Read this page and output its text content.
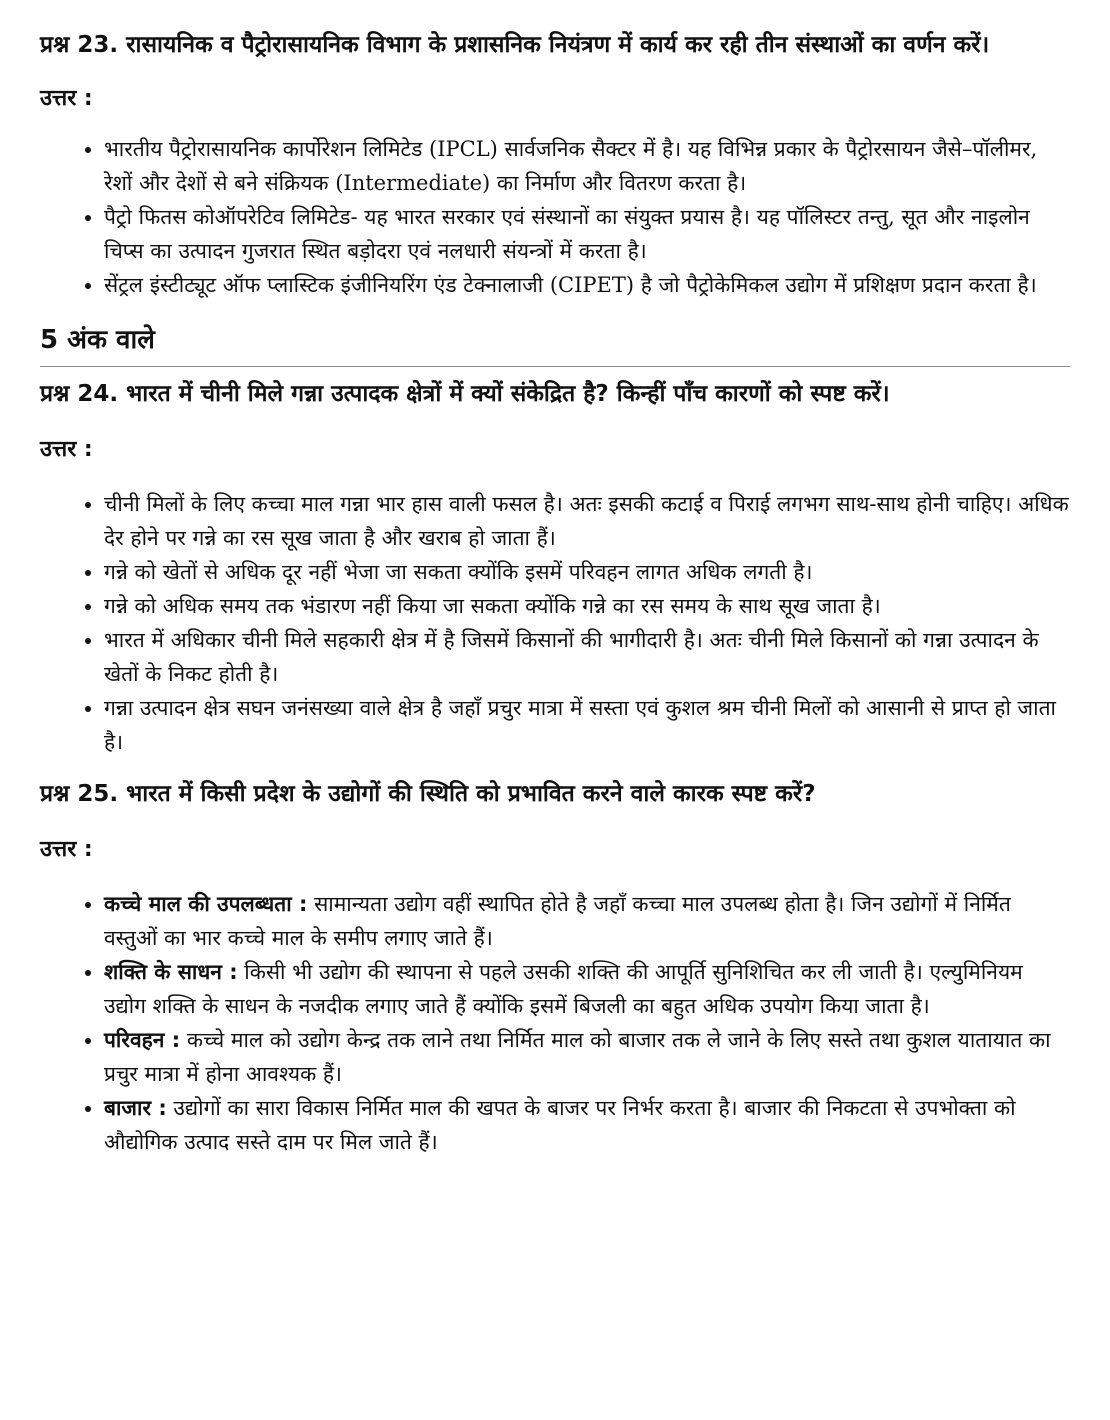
प्रश्न 23. रासायनिक व पैट्रोरासायनिक विभाग के प्रशासनिक नियंत्रण में कार्य कर रही तीन संस्थाओं का वर्णन करें।

उत्तर :

• भारतीय पैट्रोरासायनिक कार्पोरेशन लिमिटेड (IPCL) सार्वजनिक सैक्टर में है। यह विभिन्न प्रकार के पैट्रोरसायन जैसे–पॉलीमर, रेशों और देशों से बने संक्रियक (Intermediate) का निर्माण और वितरण करता है।
• पैट्रो फितस कोऑपरेटिव लिमिटेड- यह भारत सरकार एवं संस्थानों का संयुक्त प्रयास है। यह पॉलिस्टर तन्तु, सूत और नाइलोन चिप्स का उत्पादन गुजरात स्थित बड़ोदरा एवं नलधारी संयन्त्रों में करता है।
• सेंट्रल इंस्टीट्यूट ऑफ प्लास्टिक इंजीनियरिंग एंड टेक्नालाजी (CIPET) है जो पैट्रोकेमिकल उद्योग में प्रशिक्षण प्रदान करता है।
5 अंक वाले

प्रश्न 24. भारत में चीनी मिले गन्ना उत्पादक क्षेत्रों में क्यों संकेद्रित है? किन्हीं पाँच कारणों को स्पष्ट करें।

उत्तर :

• चीनी मिलों के लिए कच्चा माल गन्ना भार हास वाली फसल है। अतः इसकी कटाई व पिराई लगभग साथ-साथ होनी चाहिए। अधिक देर होने पर गन्ने का रस सूख जाता है और खराब हो जाता हैं।
• गन्ने को खेतों से अधिक दूर नहीं भेजा जा सकता क्योंकि इसमें परिवहन लागत अधिक लगती है।
• गन्ने को अधिक समय तक भंडारण नहीं किया जा सकता क्योंकि गन्ने का रस समय के साथ सूख जाता है।
• भारत में अधिकार चीनी मिले सहकारी क्षेत्र में है जिसमें किसानों की भागीदारी है। अतः चीनी मिले किसानों को गन्ना उत्पादन के खेतों के निकट होती है।
• गन्ना उत्पादन क्षेत्र सघन जनंसख्या वाले क्षेत्र है जहाँ प्रचुर मात्रा में सस्ता एवं कुशल श्रम चीनी मिलों को आसानी से प्राप्त हो जाता है।

प्रश्न 25. भारत में किसी प्रदेश के उद्योगों की स्थिति को प्रभावित करने वाले कारक स्पष्ट करें?

उत्तर :

• कच्चे माल की उपलब्धता : सामान्यता उद्योग वहीं स्थापित होते है जहाँ कच्चा माल उपलब्ध होता है। जिन उद्योगों में निर्मित वस्तुओं का भार कच्चे माल के समीप लगाए जाते हैं।
• शक्ति के साधन : किसी भी उद्योग की स्थापना से पहले उसकी शक्ति की आपूर्ति सुनिशिचित कर ली जाती है। एल्युमिनियम उद्योग शक्ति के साधन के नजदीक लगाए जाते हैं क्योंकि इसमें बिजली का बहुत अधिक उपयोग किया जाता है।
• परिवहन : कच्चे माल को उद्योग केन्द्र तक लाने तथा निर्मित माल को बाजार तक ले जाने के लिए सस्ते तथा कुशल यातायात का प्रचुर मात्रा में होना आवश्यक हैं।
• बाजार : उद्योगों का सारा विकास निर्मित माल की खपत के बाजर पर निर्भर करता है। बाजार की निकटता से उपभोक्ता को औद्योगिक उत्पाद सस्ते दाम पर मिल जाते हैं।
